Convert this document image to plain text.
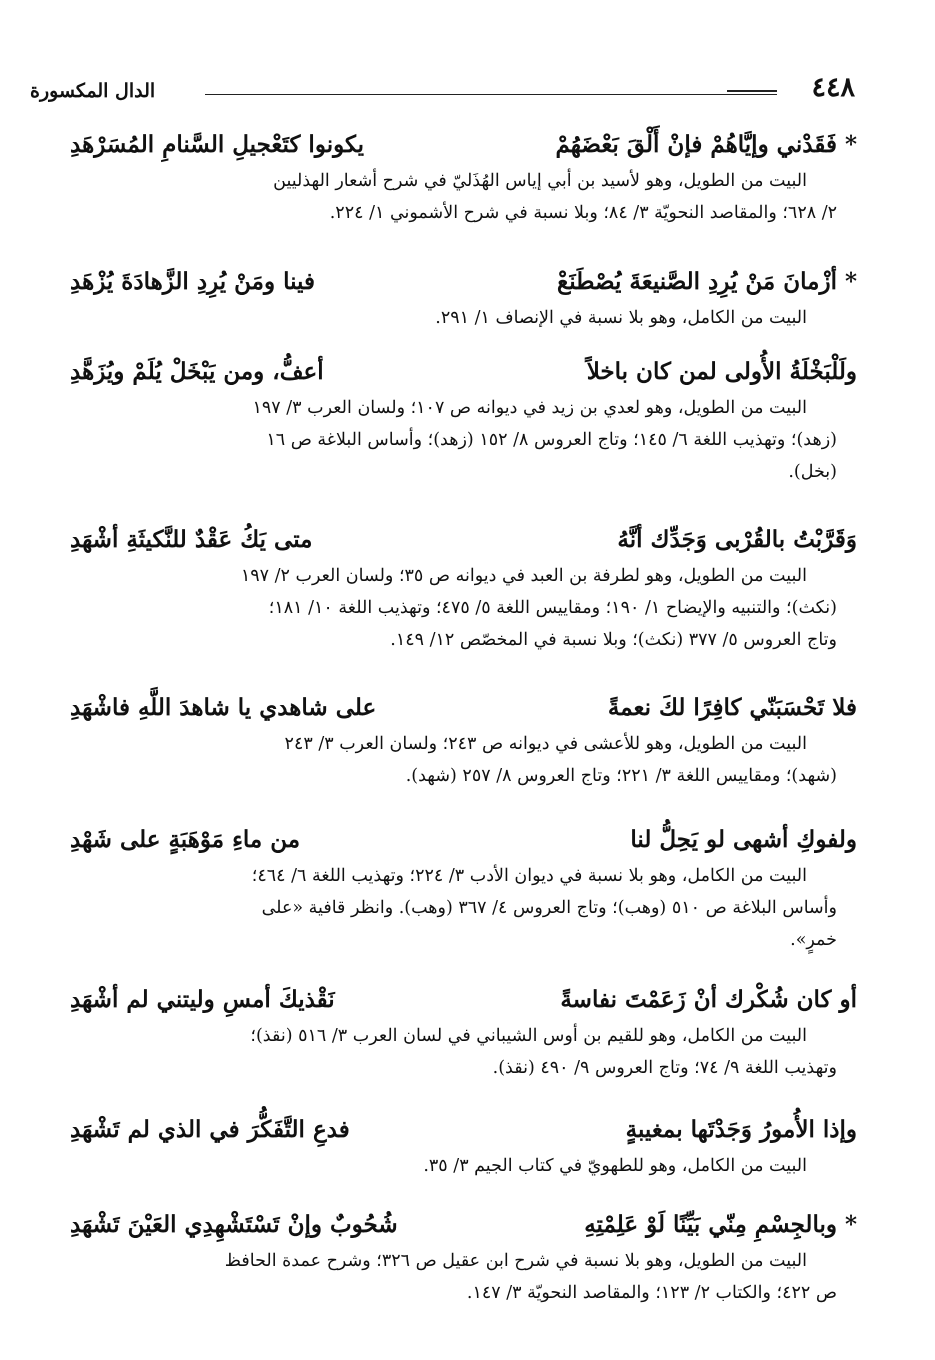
٤٤٨
الدال المكسورة
* فَقَدْني وإيَّاهُمْ فإنْ أَلْقَ بَعْضَهُمْ
يكونوا كتَعْجيلِ السَّنامِ المُسَرْهَدِ
البيت من الطويل، وهو لأسيد بن أبي إياس الهُذَليّ في شرح أشعار الهذليين
٢/ ٦٢٨؛ والمقاصد النحويّة ٣/ ٨٤؛ وبلا نسبة في شرح الأشموني ١/ ٢٢٤.
* أزْمانَ مَنْ يُرِدِ الصَّنيعَةَ يُصْطَنَعْ
فينا ومَنْ يُرِدِ الزَّهادَةَ يُزْهَدِ
البيت من الكامل، وهو بلا نسبة في الإنصاف ١/ ٢٩١.
ولَلْبَخْلَةُ الأُولى لمن كان باخلاً
أعفُّ، ومن يَبْخَلْ يُلَمْ ويُزَهَّدِ
البيت من الطويل، وهو لعدي بن زيد في ديوانه ص ١٠٧؛ ولسان العرب ٣/ ١٩٧
(زهد)؛ وتهذيب اللغة ٦/ ١٤٥؛ وتاج العروس ٨/ ١٥٢ (زهد)؛ وأساس البلاغة ص ١٦
(بخل).
وَقَرَّبْتُ بالقُرْبى وَجَدِّك أنَّهُ
متى يَكُ عَقْدٌ للنَّكيثَةِ أشْهَدِ
البيت من الطويل، وهو لطرفة بن العبد في ديوانه ص ٣٥؛ ولسان العرب ٢/ ١٩٧
(نكث)؛ والتنبيه والإيضاح ١/ ١٩٠؛ ومقاييس اللغة ٥/ ٤٧٥؛ وتهذيب اللغة ١٠/ ١٨١؛
وتاج العروس ٥/ ٣٧٧ (نكث)؛ وبلا نسبة في المخصّص ١٢/ ١٤٩.
فلا تَحْسَبَنّي كافِرًا لكَ نعمةً
على شاهدي يا شاهدَ اللَّهِ فاشْهَدِ
البيت من الطويل، وهو للأعشى في ديوانه ص ٢٤٣؛ ولسان العرب ٣/ ٢٤٣
(شهد)؛ ومقاييس اللغة ٣/ ٢٢١؛ وتاج العروس ٨/ ٢٥٧ (شهد).
ولفوكِ أشهى لو يَحِلُّ لنا
من ماءِ مَوْهَبَةٍ على شَهْدِ
البيت من الكامل، وهو بلا نسبة في ديوان الأدب ٣/ ٢٢٤؛ وتهذيب اللغة ٦/ ٤٦٤؛
وأساس البلاغة ص ٥١٠ (وهب)؛ وتاج العروس ٤/ ٣٦٧ (وهب). وانظر قافية «على
خمرٍ».
أو كان شُكْرك أنْ زَعَمْتَ نفاسةً
نَقْذيكَ أمسِ وليتني لم أشْهَدِ
البيت من الكامل، وهو للقيم بن أوس الشيباني في لسان العرب ٣/ ٥١٦ (نقذ)؛
وتهذيب اللغة ٩/ ٧٤؛ وتاج العروس ٩/ ٤٩٠ (نقذ).
وإذا الأُمورُ وَجَدْتَها بمغيبةٍ
فدعِ التَّفَكُّرَ في الذي لم تَشْهَدِ
البيت من الكامل، وهو للطهويّ في كتاب الجيم ٣/ ٣٥.
* وبالجِسْمِ مِنّي بَيِّنًا لَوْ عَلِمْتِهِ
شُحُوبٌ وإنْ تَسْتَشْهِدِي العَيْنَ تَشْهَدِ
البيت من الطويل، وهو بلا نسبة في شرح ابن عقيل ص ٣٢٦؛ وشرح عمدة الحافظ
ص ٤٢٢؛ والكتاب ٢/ ١٢٣؛ والمقاصد النحويّة ٣/ ١٤٧.
